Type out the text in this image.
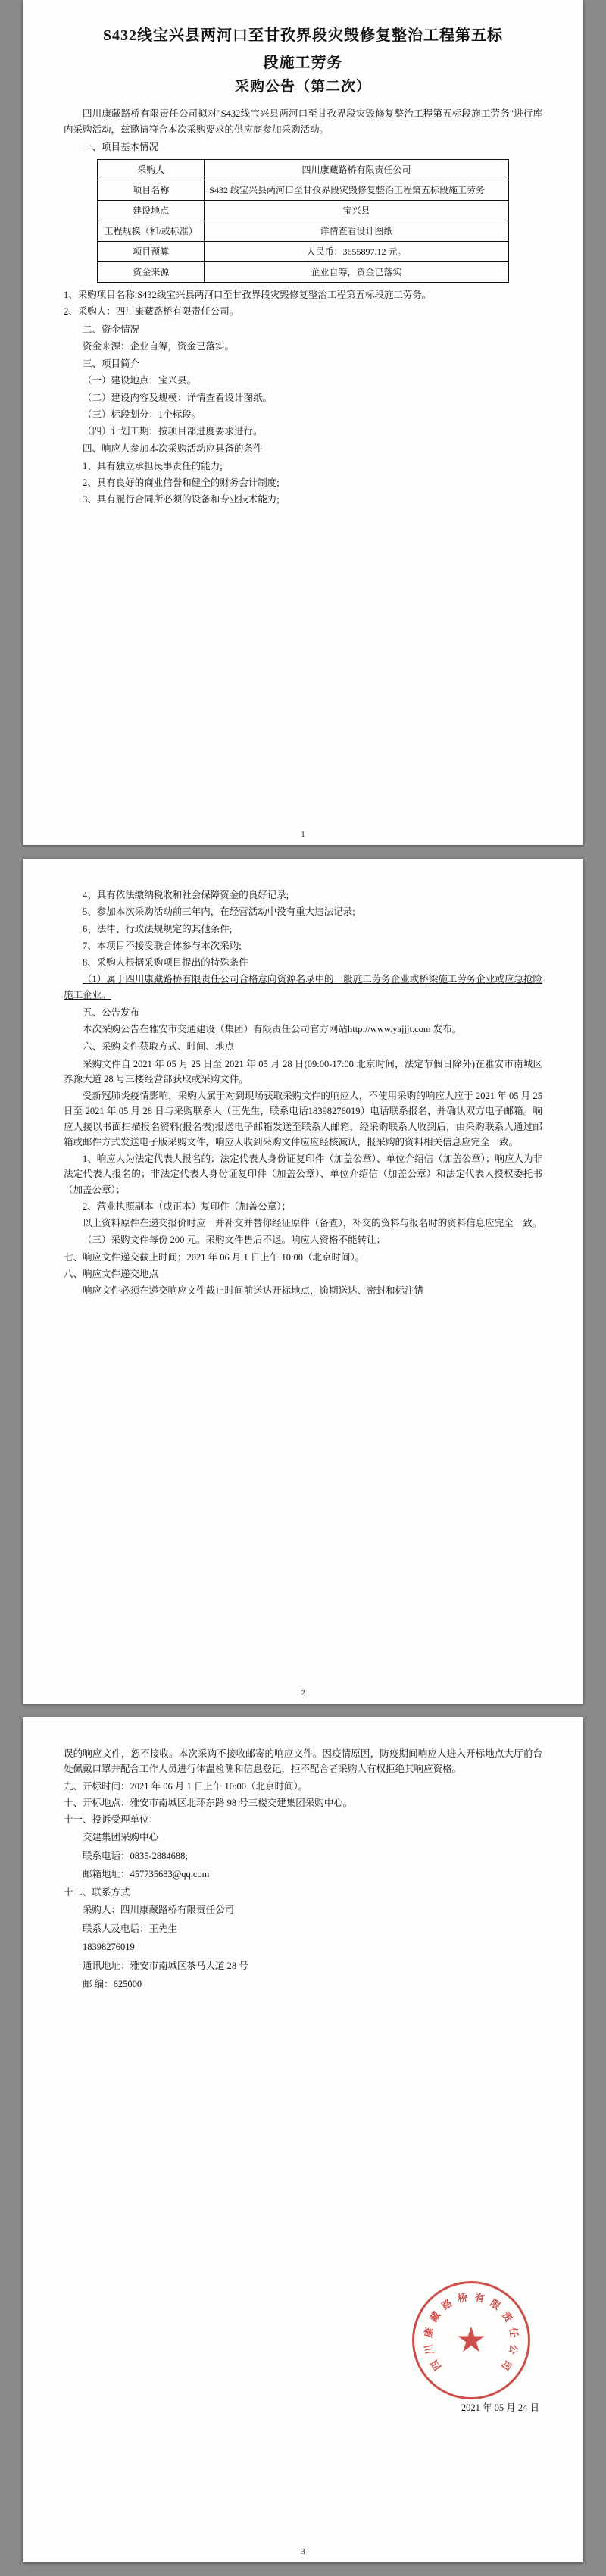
S432线宝兴县两河口至甘孜界段灾毁修复整治工程第五标
段施工劳务
采购公告（第二次）

四川康藏路桥有限责任公司拟对"S432线宝兴县两河口至甘孜界段灾毁修复整治工程第五标段施工劳务"进行库内采购活动，兹邀请符合本次采购要求的供应商参加采购活动。

一、项目基本情况

采购人	四川康藏路桥有限责任公司
项目名称	S432 线宝兴县两河口至甘孜界段灾毁修复整治工程第五标段施工劳务
建设地点	宝兴县
工程规模（和/或标准）	详情查看设计图纸
项目预算	人民币：3655897.12 元。
资金来源	企业自筹，资金已落实

1、采购项目名称:S432线宝兴县两河口至甘孜界段灾毁修复整治工程第五标段施工劳务。

2、采购人：四川康藏路桥有限责任公司。

二、资金情况

资金来源：企业自筹，资金已落实。

三、项目简介

（一）建设地点：宝兴县。

（二）建设内容及规模：详情查看设计图纸。

（三）标段划分：1个标段。

（四）计划工期：按项目部进度要求进行。

四、响应人参加本次采购活动应具备的条件

1、具有独立承担民事责任的能力;

2、具有良好的商业信誉和健全的财务会计制度;

3、具有履行合同所必须的设备和专业技术能力;

1

4、具有依法缴纳税收和社会保障资金的良好记录;

5、参加本次采购活动前三年内，在经营活动中没有重大违法记录;

6、法律、行政法规规定的其他条件;

7、本项目不接受联合体参与本次采购;

8、采购人根据采购项目提出的特殊条件

（1）属于四川康藏路桥有限责任公司合格意向资源名录中的一般施工劳务企业或桥梁施工劳务企业或应急抢险施工企业。

五、公告发布

本次采购公告在雅安市交通建设（集团）有限责任公司官方网站http://www.yajjjt.com 发布。

六、采购文件获取方式、时间、地点

采购文件自 2021 年 05 月 25 日至 2021 年 05 月 28 日(09:00-17:00 北京时间，法定节假日除外)在雅安市南城区养豫大道 28 号三楼经营部获取或采购文件。

受新冠肺炎疫情影响，采购人属于对到现场获取采购文件的响应人，不使用采购的响应人应于 2021 年 05 月 25 日至 2021 年 05 月 28 日与采购联系人（王先生，联系电话18398276019）电话联系报名，并确认双方电子邮箱。响应人接以书面扫描报名资料(报名表)报送电子邮箱发送至联系人邮箱，经采购联系人收到后，由采购联系人通过邮箱或邮件方式发送电子版采购文件，响应人收到采购文件应应经核减认，报采购的资料相关信息应完全一致。

1、响应人为法定代表人报名的；法定代表人身份证复印件（加盖公章）、单位介绍信（加盖公章）；响应人为非法定代表人报名的；非法定代表人身份证复印件（加盖公章）、单位介绍信（加盖公章）和法定代表人授权委托书（加盖公章）；

2、营业执照副本（或正本）复印件（加盖公章）；

以上资料原件在递交报价时应一并补交并替你经证原件（备查），补交的资料与报名时的资料信息应完全一致。

（三）采购文件每份 200 元。采购文件售后不退。响应人资格不能转让；

七、响应文件递交截止时间；2021 年 06 月 1 日上午 10:00（北京时间）。

八、响应文件递交地点

响应文件必须在递交响应文件截止时间前送达开标地点，逾期送达、密封和标注错

2

误的响应文件，恕不接收。本次采购不接收邮寄的响应文件。因疫情原因，防疫期间响应人进入开标地点大厅前台处佩戴口罩并配合工作人员进行体温检测和信息登记，拒不配合者采购人有权拒绝其响应资格。

九、开标时间：2021 年 06 月 1 日上午 10:00（北京时间）。

十、开标地点：雅安市南城区北环东路 98 号三楼交建集团采购中心。

十一、投诉受理单位：

交建集团采购中心

联系电话：0835-2884688;

邮箱地址：457735683@qq.com

十二、联系方式

采购人：四川康藏路桥有限责任公司

联系人及电话：王先生

18398276019

通讯地址：雅安市南城区茶马大道 28 号

邮 编：625000

★
四
川
康
藏
路 桥 有 限
责
任
公
司
2021 年 05 月 24 日
3
